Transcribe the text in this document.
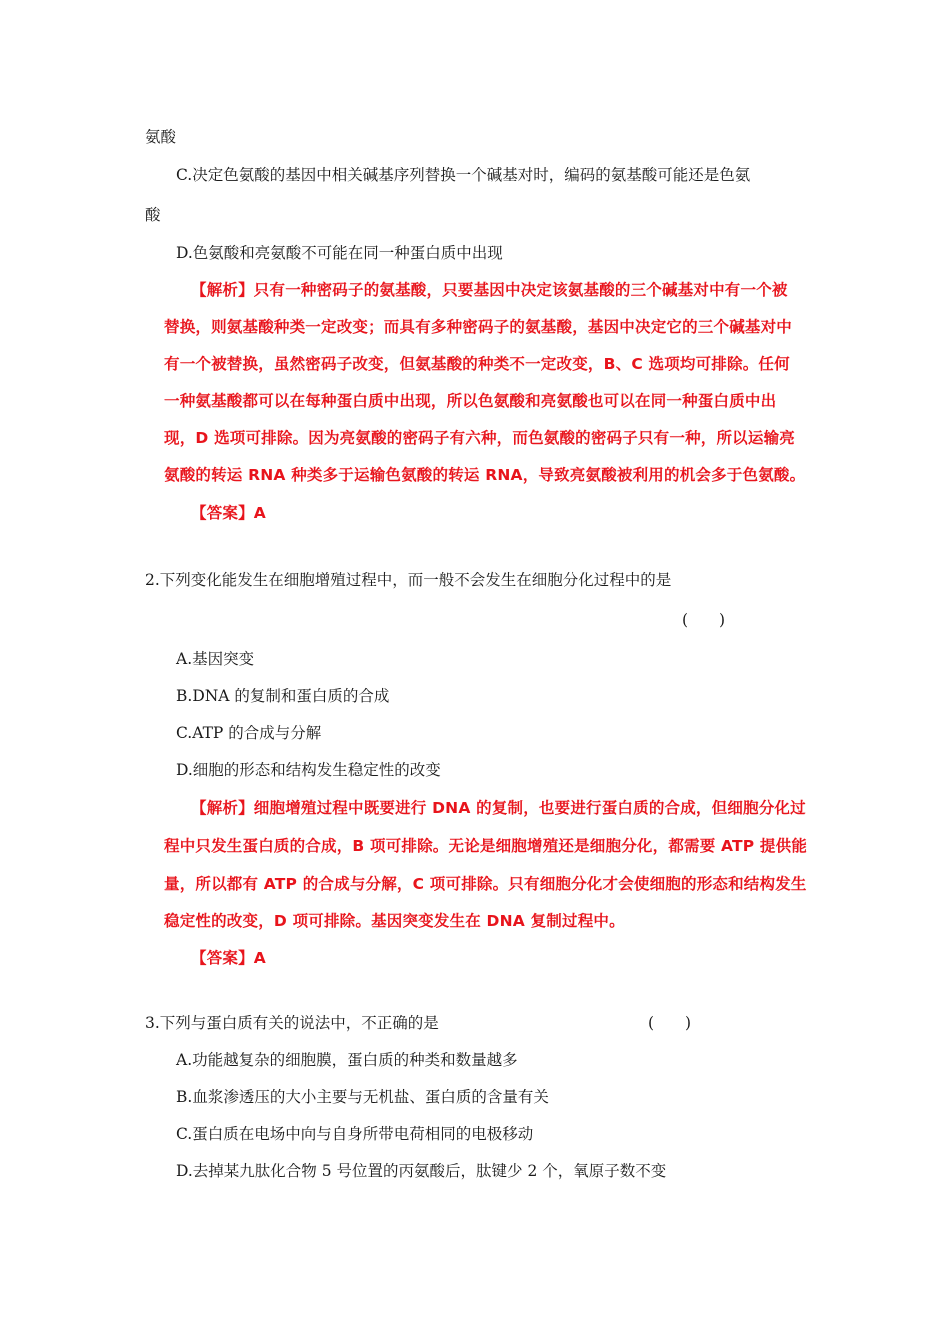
氨酸
C.决定色氨酸的基因中相关碱基序列替换一个碱基对时，编码的氨基酸可能还是色氨
酸
D.色氨酸和亮氨酸不可能在同一种蛋白质中出现
【解析】只有一种密码子的氨基酸，只要基因中决定该氨基酸的三个碱基对中有一个被
替换，则氨基酸种类一定改变；而具有多种密码子的氨基酸，基因中决定它的三个碱基对中
有一个被替换，虽然密码子改变，但氨基酸的种类不一定改变，B、C 选项均可排除。任何
一种氨基酸都可以在每种蛋白质中出现，所以色氨酸和亮氨酸也可以在同一种蛋白质中出
现，D 选项可排除。因为亮氨酸的密码子有六种，而色氨酸的密码子只有一种，所以运输亮
氨酸的转运 RNA 种类多于运输色氨酸的转运 RNA，导致亮氨酸被利用的机会多于色氨酸。
【答案】A
2.下列变化能发生在细胞增殖过程中，而一般不会发生在细胞分化过程中的是
(　　)
A.基因突变
B.DNA 的复制和蛋白质的合成
C.ATP 的合成与分解
D.细胞的形态和结构发生稳定性的改变
【解析】细胞增殖过程中既要进行 DNA 的复制，也要进行蛋白质的合成，但细胞分化过
程中只发生蛋白质的合成，B 项可排除。无论是细胞增殖还是细胞分化，都需要 ATP 提供能
量，所以都有 ATP 的合成与分解，C 项可排除。只有细胞分化才会使细胞的形态和结构发生
稳定性的改变，D 项可排除。基因突变发生在 DNA 复制过程中。
【答案】A
3.下列与蛋白质有关的说法中，不正确的是	(　　)
A.功能越复杂的细胞膜，蛋白质的种类和数量越多
B.血浆渗透压的大小主要与无机盐、蛋白质的含量有关
C.蛋白质在电场中向与自身所带电荷相同的电极移动
D.去掉某九肽化合物 5 号位置的丙氨酸后，肽键少 2 个，氧原子数不变
